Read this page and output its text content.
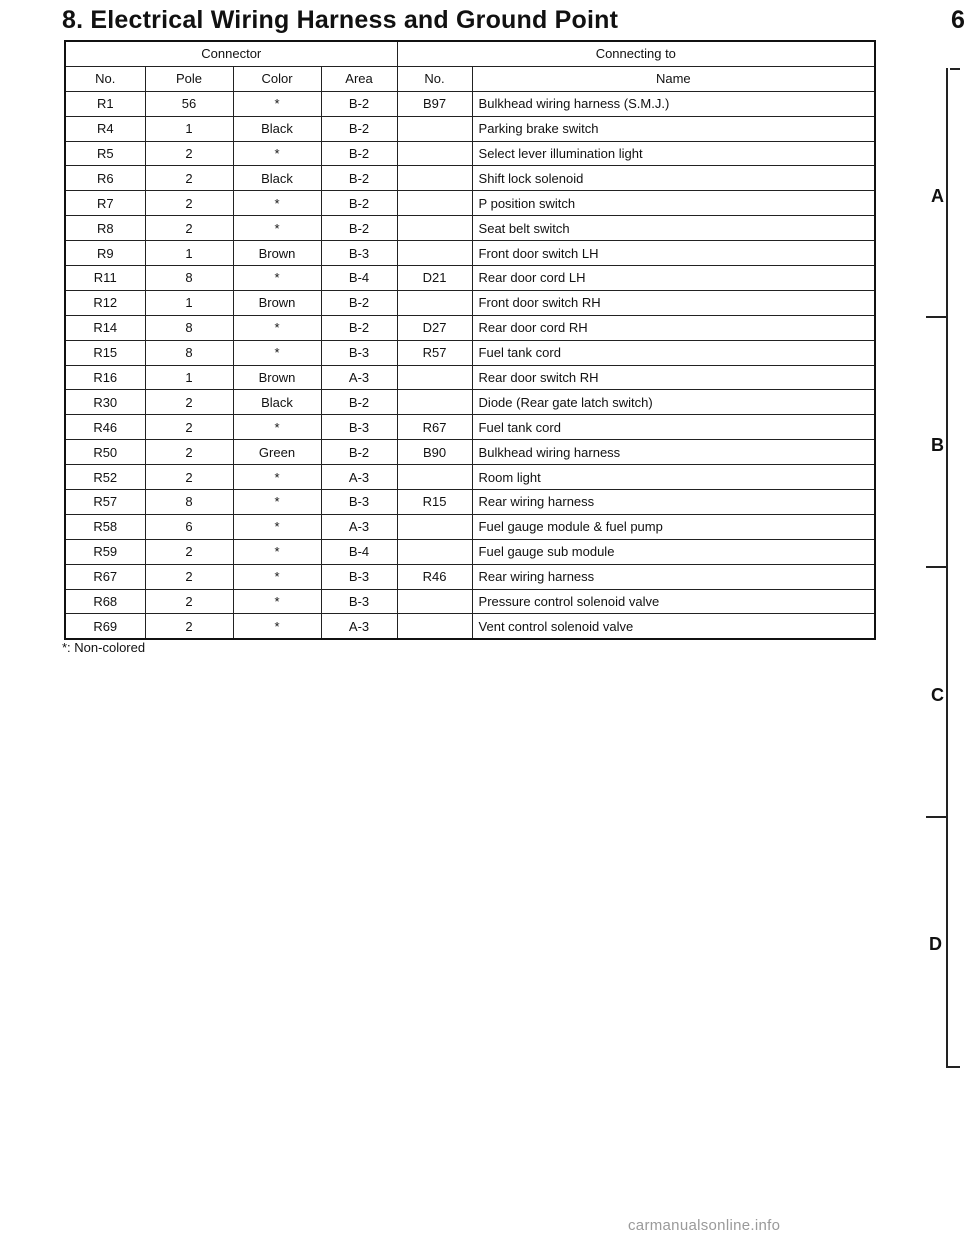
8. Electrical Wiring Harness and Ground Point	6
Connector				Connecting to	
No.	Pole	Color	Area	No.	Name
R1	56	*	B-2	B97	Bulkhead wiring harness (S.M.J.)
R4	1	Black	B-2		Parking brake switch
R5	2	*	B-2		Select lever illumination light
R6	2	Black	B-2		Shift lock solenoid
R7	2	*	B-2		P position switch
R8	2	*	B-2		Seat belt switch
R9	1	Brown	B-3		Front door switch LH
R11	8	*	B-4	D21	Rear door cord LH
R12	1	Brown	B-2		Front door switch RH
R14	8	*	B-2	D27	Rear door cord RH
R15	8	*	B-3	R57	Fuel tank cord
R16	1	Brown	A-3		Rear door switch RH
R30	2	Black	B-2		Diode (Rear gate latch switch)
R46	2	*	B-3	R67	Fuel tank cord
R50	2	Green	B-2	B90	Bulkhead wiring harness
R52	2	*	A-3		Room light
R57	8	*	B-3	R15	Rear wiring harness
R58	6	*	A-3		Fuel gauge module & fuel pump
R59	2	*	B-4		Fuel gauge sub module
R67	2	*	B-3	R46	Rear wiring harness
R68	2	*	B-3		Pressure control solenoid valve
R69	2	*	A-3		Vent control solenoid valve
*: Non-colored
A
B
C
D
carmanualsonline.info
